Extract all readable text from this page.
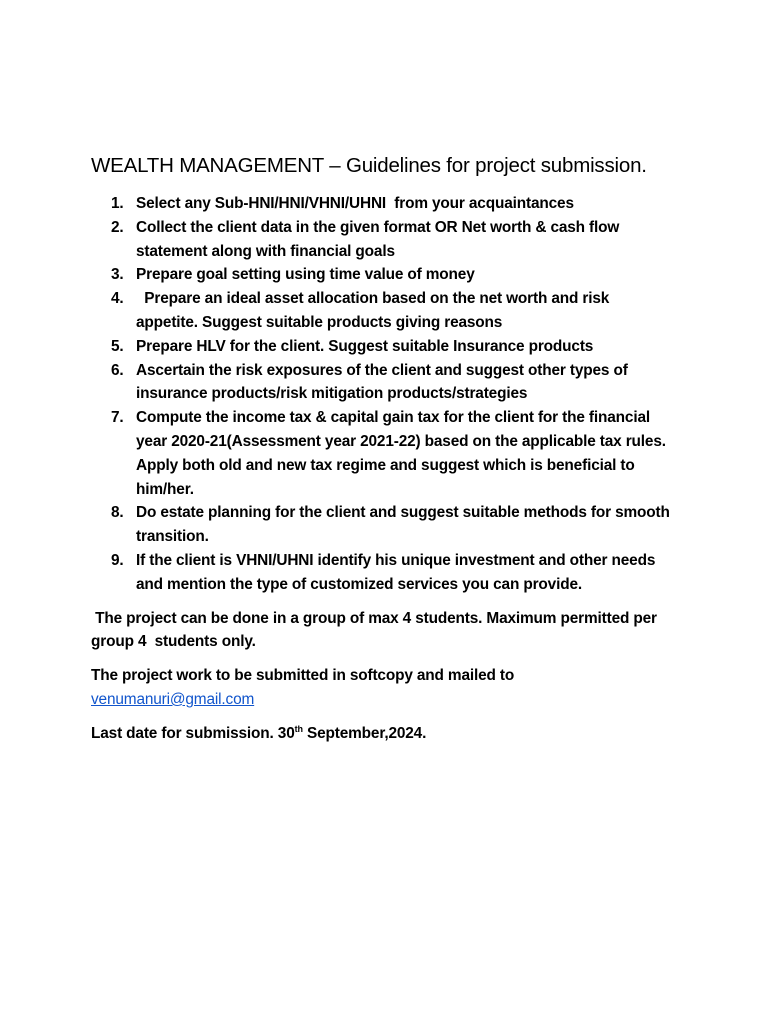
WEALTH MANAGEMENT – Guidelines for project submission.
1. Select any Sub-HNI/HNI/VHNI/UHNI  from your acquaintances
2. Collect the client data in the given format OR Net worth & cash flow
statement along with financial goals
3. Prepare goal setting using time value of money
4. Prepare an ideal asset allocation based on the net worth and risk
appetite. Suggest suitable products giving reasons
5. Prepare HLV for the client. Suggest suitable Insurance products
6. Ascertain the risk exposures of the client and suggest other types of
insurance products/risk mitigation products/strategies
7. Compute the income tax & capital gain tax for the client for the financial
year 2020-21(Assessment year 2021-22) based on the applicable tax rules.
Apply both old and new tax regime and suggest which is beneficial to
him/her.
8. Do estate planning for the client and suggest suitable methods for smooth
transition.
9. If the client is VHNI/UHNI identify his unique investment and other needs
and mention the type of customized services you can provide.

The project can be done in a group of max 4 students. Maximum permitted per
group 4  students only.

The project work to be submitted in softcopy and mailed to
venumanuri@gmail.com

Last date for submission. 30th September,2024.
